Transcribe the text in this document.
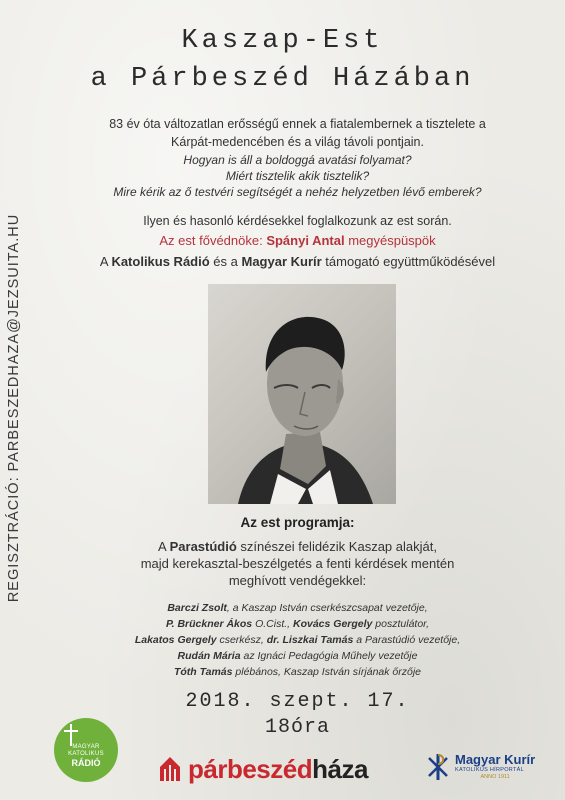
REGISZTRÁCIÓ: PARBESZEDHAZA@JEZSUITA.HU
Kaszap-Est
a Párbeszéd Házában
83 év óta változatlan erősségű ennek a fiatalembernek a tisztelete a
Kárpát-medencében és a világ távoli pontjain.
Hogyan is áll a boldoggá avatási folyamat?
Miért tisztelik akik tisztelik?
Mire kérik az ő testvéri segítségét a nehéz helyzetben lévő emberek?
Ilyen és hasonló kérdésekkel foglalkozunk az est során.
Az est fővédnöke: Spányi Antal megyéspüspök
A Katolikus Rádió és a Magyar Kurír támogató együttműködésével
Az est programja:
A Parastúdió színészei felidézik Kaszap alakját,
majd kerekasztal-beszélgetés a fenti kérdések mentén
meghívott vendégekkel:
Barczi Zsolt, a Kaszap István cserkészcsapat vezetője,
P. Brückner Ákos O.Cist., Kovács Gergely posztulátor,
Lakatos Gergely cserkész, dr. Liszkai Tamás a Parastúdió vezetője,
Rudán Mária az Ignáci Pedagógia Műhely vezetője
Tóth Tamás plébános, Kaszap István sírjának őrzője
2018. szept. 17.
18óra
MAGYAR
KATOLIKUS
RÁDIÓ	párbeszéd háza	Magyar Kurír
KATOLIKUS HÍRPORTÁL
ANNO 1911
